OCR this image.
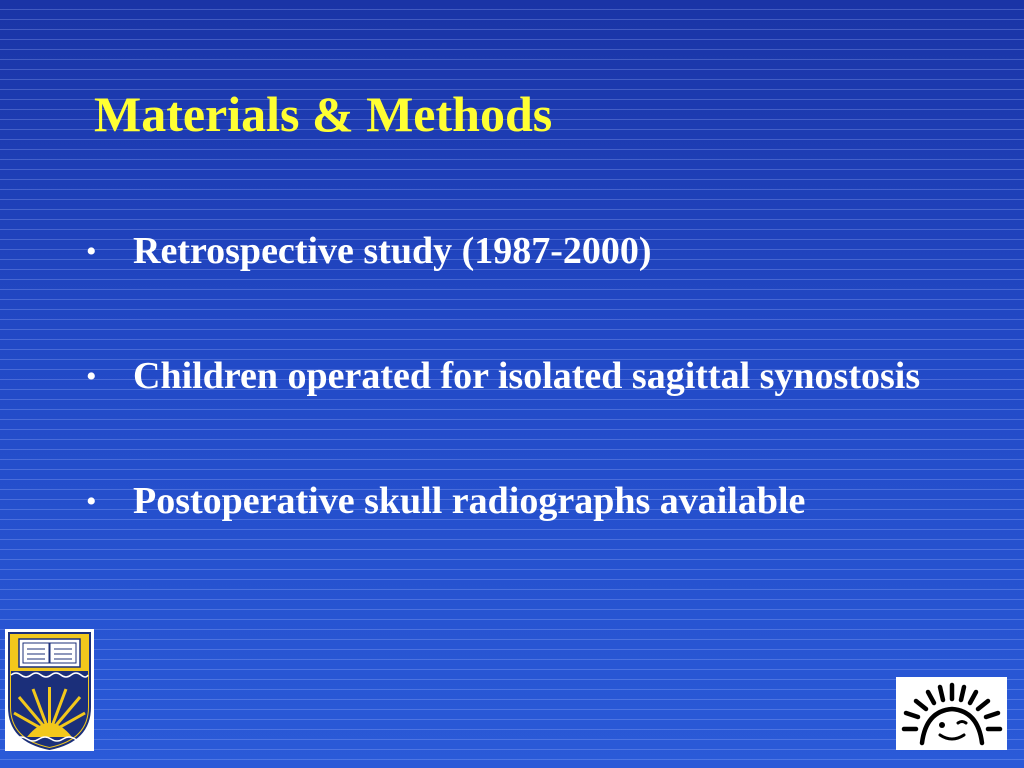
Materials & Methods
• Retrospective study (1987-2000)
• Children operated for isolated sagittal synostosis
• Postoperative skull radiographs available
